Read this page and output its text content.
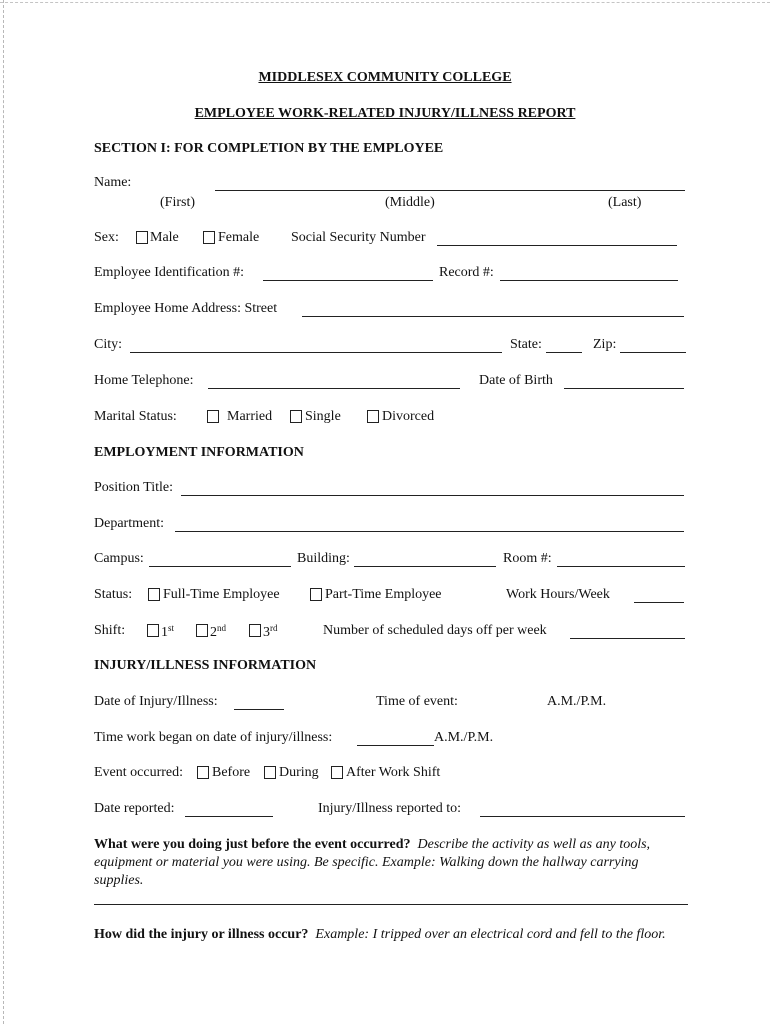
MIDDLESEX COMMUNITY COLLEGE
EMPLOYEE WORK-RELATED INJURY/ILLNESS REPORT
SECTION I: FOR COMPLETION BY THE EMPLOYEE
Name:
(First)	(Middle)	(Last)
Sex: Male	Female Social Security Number
Employee Identification #:	Record #:
Employee Home Address: Street
City:	State:	Zip:
Home Telephone:	Date of Birth
Marital Status:	Married Single	Divorced
EMPLOYMENT INFORMATION
Position Title:
Department:
Campus:	Building:	Room #:
Status: Full-Time Employee	Part-Time Employee	Work Hours/Week
Shift:	1st	2nd	3rd	Number of scheduled days off per week
INJURY/ILLNESS INFORMATION
Date of Injury/Illness:	Time of event:	A.M./P.M.
Time work began on date of injury/illness:	A.M./P.M.
Event occurred: Before During After Work Shift
Date reported:	Injury/Illness reported to:
What were you doing just before the event occurred? Describe the activity as well as any tools, equipment or material you were using. Be specific. Example: Walking down the hallway carrying supplies.
How did the injury or illness occur? Example: I tripped over an electrical cord and fell to the floor.
